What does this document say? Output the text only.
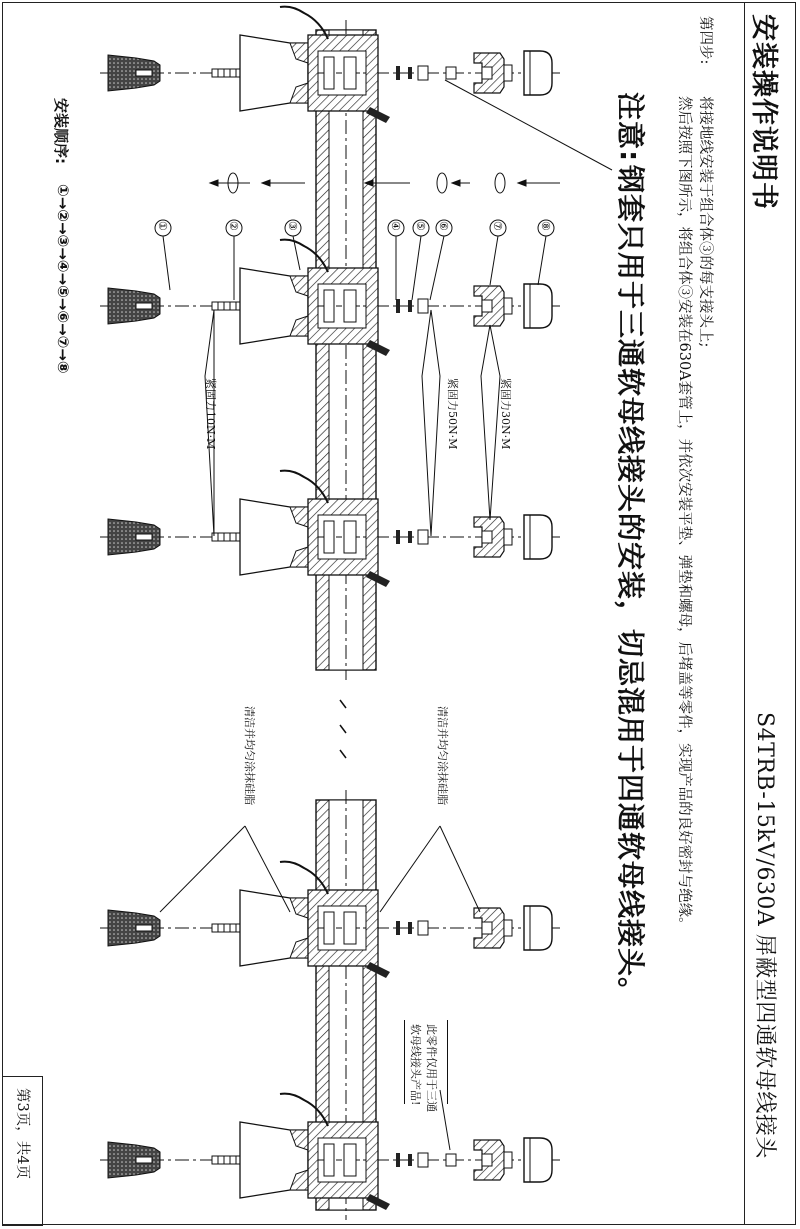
安装操作说明书
S4TRB-15kV/630A 屏蔽型四通软母线接头
第四步:
将接地线安装于组合体③的每支接头上;
然后按照下图所示，将组合体③安装在630A套管上，并依次安装平垫、弹垫和螺母，后堵盖等零件，实现产品的良好密封与绝缘。
注意:
钢套只用于三通软母线接头的安装，切忌混用于四通软母线接头。
①	②	③	④ ⑤ ⑥	⑦	⑧
紧固力10N·M	紧固力50N·M	紧固力30N·M
清洁并均匀涂抹硅脂	清洁并均匀涂抹硅脂
此零件仅用于三通
软母线接头产品!
安装顺序:
①→②→③→④→⑤→⑥→⑦→⑧
第3页，共4页
